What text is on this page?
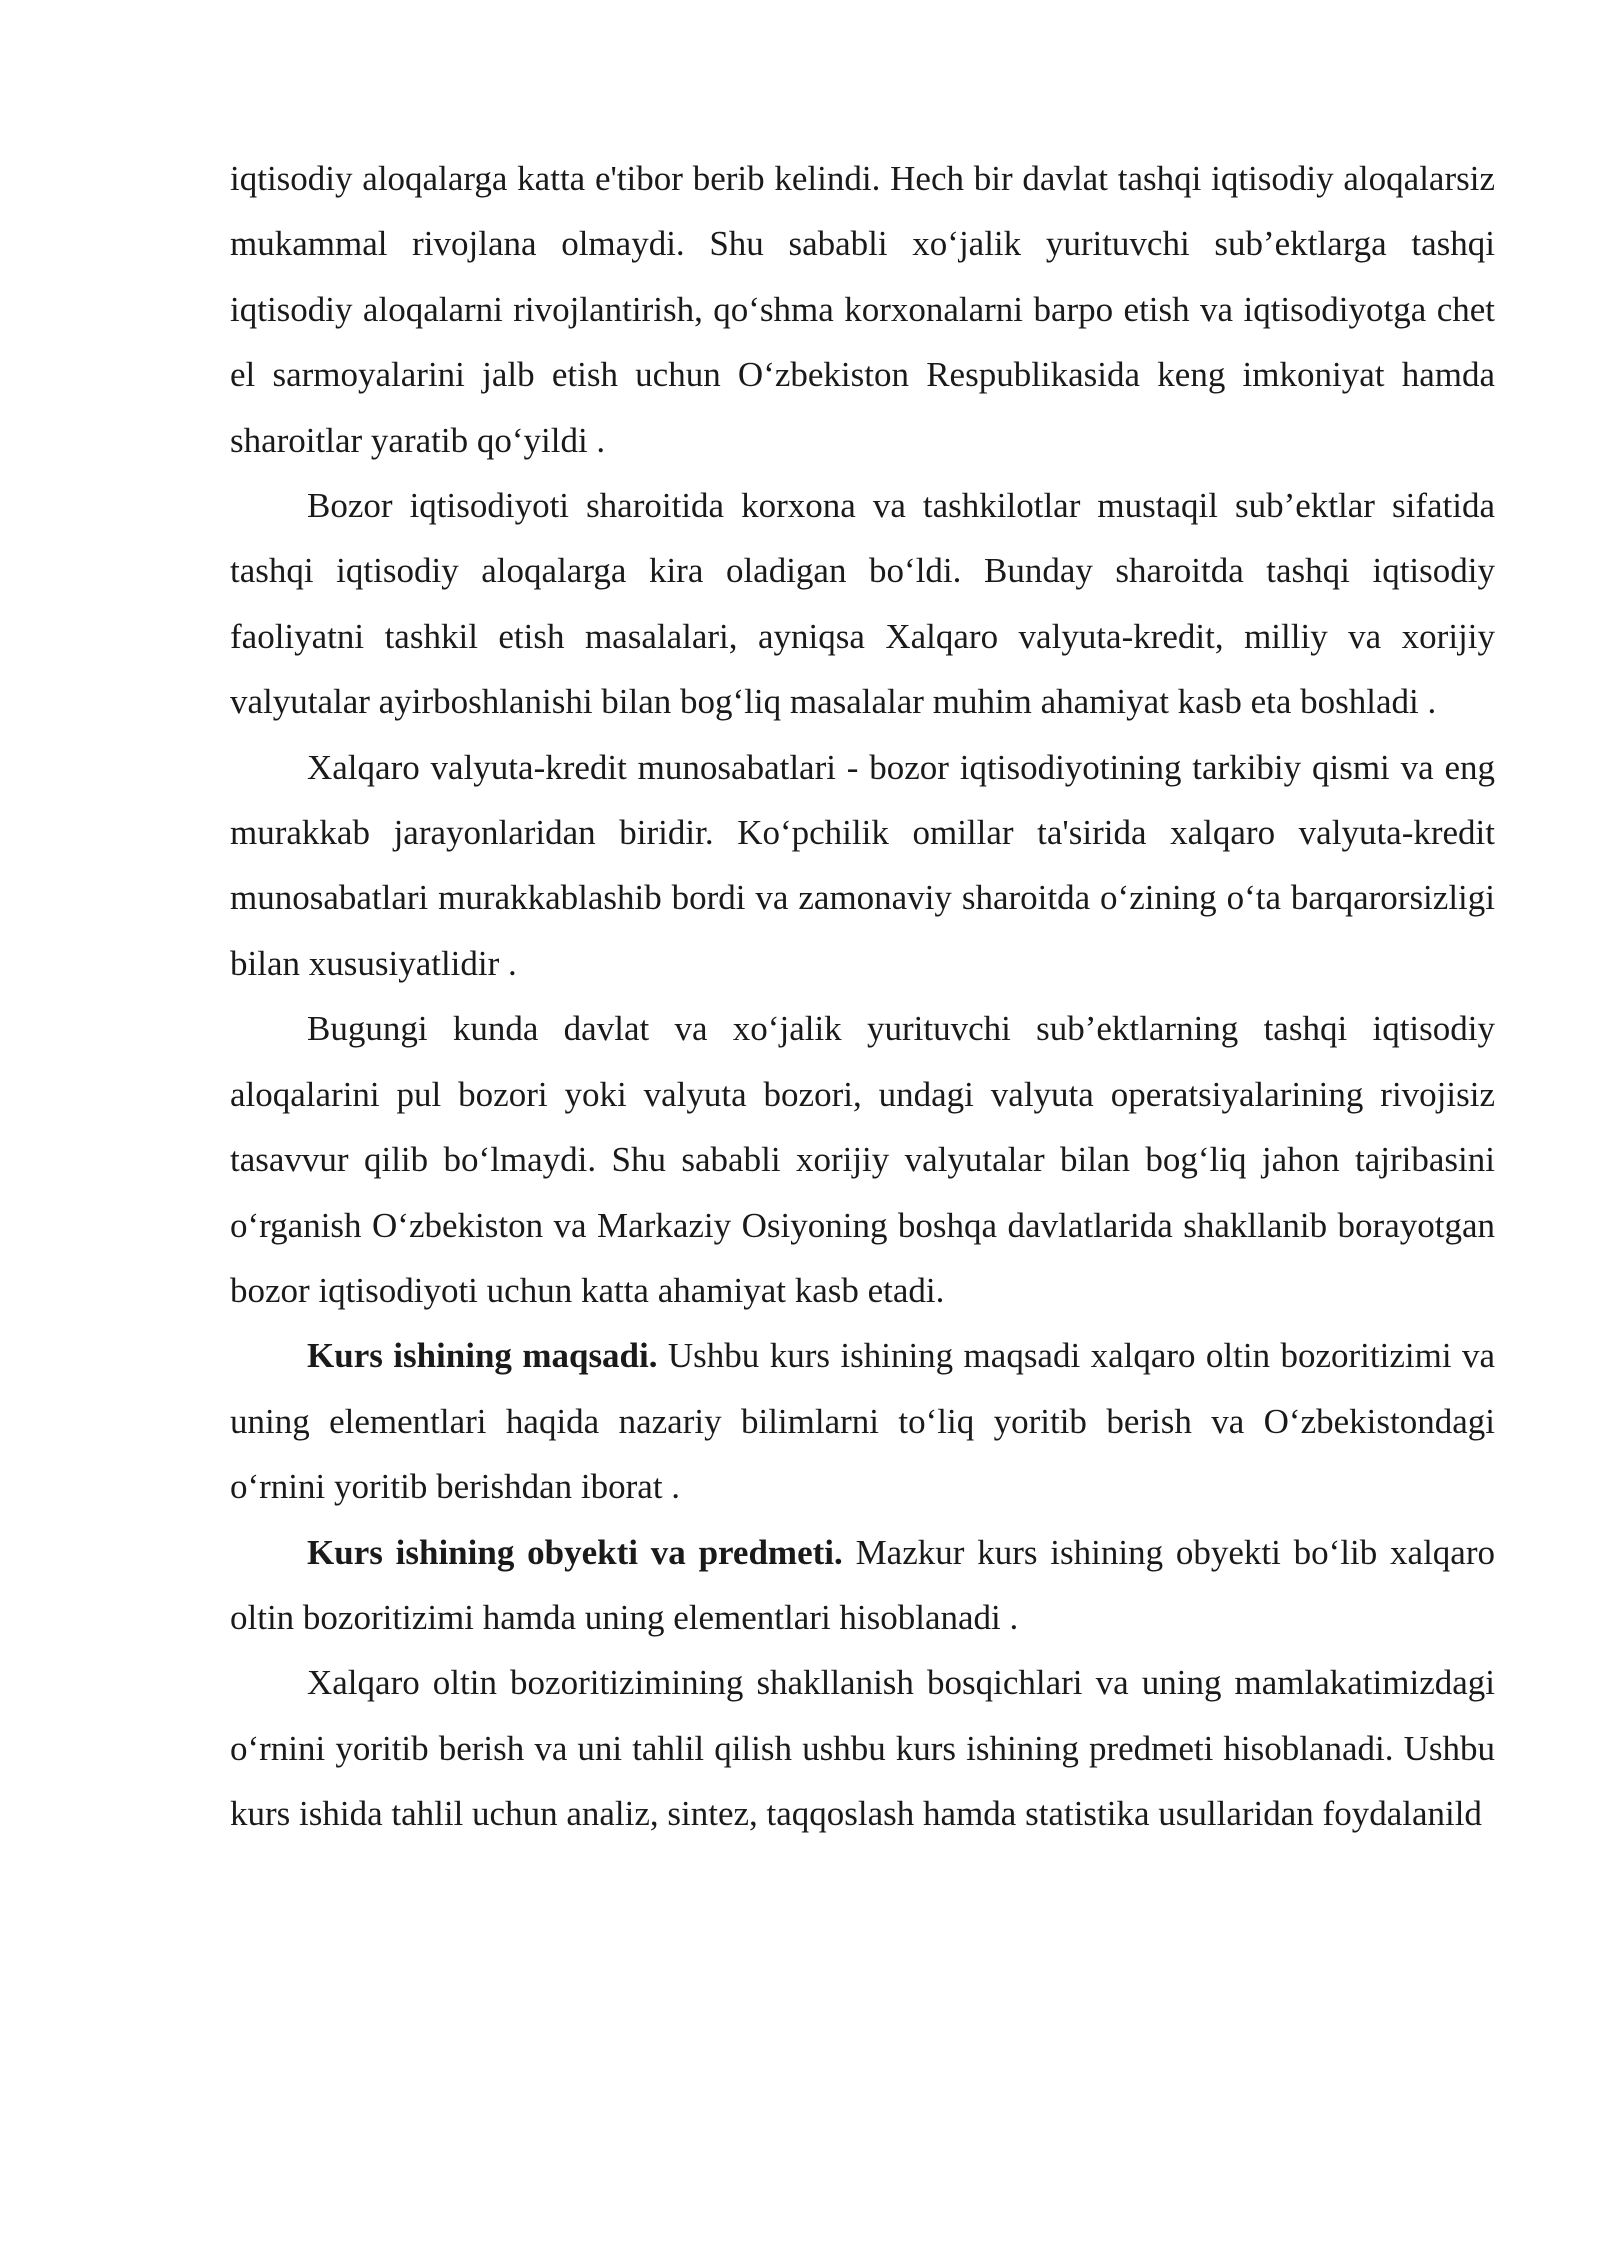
iqtisodiy aloqalarga katta e'tibor berib kelindi. Hech bir davlat tashqi iqtisodiy aloqalarsiz mukammal rivojlana olmaydi. Shu sababli xo‘jalik yurituvchi sub’ektlarga tashqi iqtisodiy aloqalarni rivojlantirish, qo‘shma korxonalarni barpo etish va iqtisodiyotga chet el sarmoyalarini jalb etish uchun O‘zbekiston Respublikasida keng imkoniyat hamda sharoitlar yaratib qo‘yildi .

Bozor iqtisodiyoti sharoitida korxona va tashkilotlar mustaqil sub’ektlar sifatida tashqi iqtisodiy aloqalarga kira oladigan bo‘ldi. Bunday sharoitda tashqi iqtisodiy faoliyatni tashkil etish masalalari, ayniqsa Xalqaro valyuta-kredit, milliy va xorijiy valyutalar ayirboshlanishi bilan bog‘liq masalalar muhim ahamiyat kasb eta boshladi .

Xalqaro valyuta-kredit munosabatlari - bozor iqtisodiyotining tarkibiy qismi va eng murakkab jarayonlaridan biridir. Ko‘pchilik omillar ta'sirida xalqaro valyuta-kredit munosabatlari murakkablashib bordi va zamonaviy sharoitda o‘zining o‘ta barqarorsizligi bilan xususiyatlidir .

Bugungi kunda davlat va xo‘jalik yurituvchi sub’ektlarning tashqi iqtisodiy aloqalarini pul bozori yoki valyuta bozori, undagi valyuta operatsiyalarining rivojisiz tasavvur qilib bo‘lmaydi. Shu sababli xorijiy valyutalar bilan bog‘liq jahon tajribasini o‘rganish O‘zbekiston va Markaziy Osiyoning boshqa davlatlarida shakllanib borayotgan bozor iqtisodiyoti uchun katta ahamiyat kasb etadi.

Kurs ishining maqsadi. Ushbu kurs ishining maqsadi xalqaro oltin bozoritizimi va uning elementlari haqida nazariy bilimlarni to‘liq yoritib berish va O‘zbekistondagi o‘rnini yoritib berishdan iborat .

Kurs ishining obyekti va predmeti. Mazkur kurs ishining obyekti bo‘lib xalqaro oltin bozoritizimi hamda uning elementlari hisoblanadi .

Xalqaro oltin bozoritizimining shakllanish bosqichlari va uning mamlakatimizdagi o‘rnini yoritib berish va uni tahlil qilish ushbu kurs ishining predmeti hisoblanadi. Ushbu kurs ishida tahlil uchun analiz, sintez, taqqoslash hamda statistika usullaridan foydalanild
